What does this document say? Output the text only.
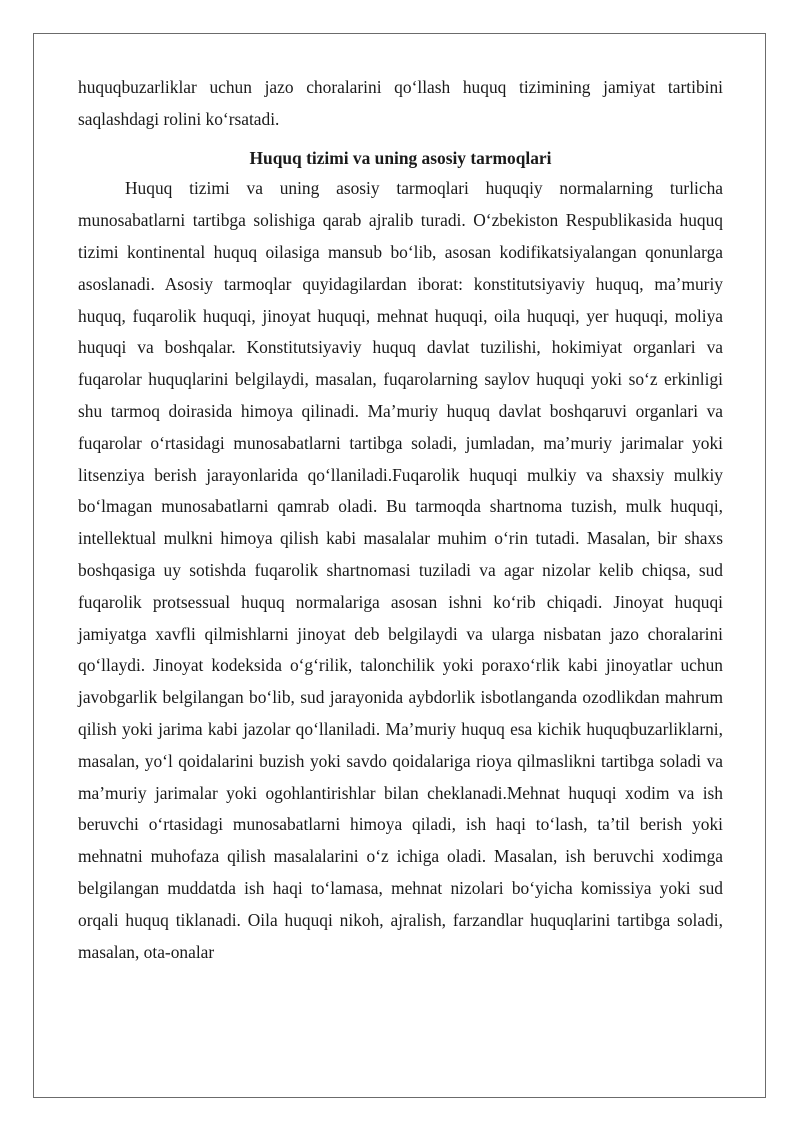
huquqbuzarliklar uchun jazo choralarini qo‘llash huquq tizimining jamiyat tartibini saqlashdagi rolini ko‘rsatadi.

Huquq tizimi va uning asosiy tarmoqlari

Huquq tizimi va uning asosiy tarmoqlari huquqiy normalarning turlicha munosabatlarni tartibga solishiga qarab ajralib turadi. O‘zbekiston Respublikasida huquq tizimi kontinental huquq oilasiga mansub bo‘lib, asosan kodifikatsiyalangan qonunlarga asoslanadi. Asosiy tarmoqlar quyidagilardan iborat: konstitutsiyaviy huquq, ma’muriy huquq, fuqarolik huquqi, jinoyat huquqi, mehnat huquqi, oila huquqi, yer huquqi, moliya huquqi va boshqalar. Konstitutsiyaviy huquq davlat tuzilishi, hokimiyat organlari va fuqarolar huquqlarini belgilaydi, masalan, fuqarolarning saylov huquqi yoki so‘z erkinligi shu tarmoq doirasida himoya qilinadi. Ma’muriy huquq davlat boshqaruvi organlari va fuqarolar o‘rtasidagi munosabatlarni tartibga soladi, jumladan, ma’muriy jarimalar yoki litsenziya berish jarayonlarida qo‘llaniladi.Fuqarolik huquqi mulkiy va shaxsiy mulkiy bo‘lmagan munosabatlarni qamrab oladi. Bu tarmoqda shartnoma tuzish, mulk huquqi, intellektual mulkni himoya qilish kabi masalalar muhim o‘rin tutadi. Masalan, bir shaxs boshqasiga uy sotishda fuqarolik shartnomasi tuziladi va agar nizolar kelib chiqsa, sud fuqarolik protsessual huquq normalariga asosan ishni ko‘rib chiqadi. Jinoyat huquqi jamiyatga xavfli qilmishlarni jinoyat deb belgilaydi va ularga nisbatan jazo choralarini qo‘llaydi. Jinoyat kodeksida o‘g‘rilik, talonchilik yoki poraxo‘rlik kabi jinoyatlar uchun javobgarlik belgilangan bo‘lib, sud jarayonida aybdorlik isbotlanganda ozodlikdan mahrum qilish yoki jarima kabi jazolar qo‘llaniladi. Ma’muriy huquq esa kichik huquqbuzarliklarni, masalan, yo‘l qoidalarini buzish yoki savdo qoidalariga rioya qilmaslikni tartibga soladi va ma’muriy jarimalar yoki ogohlantirishlar bilan cheklanadi.Mehnat huquqi xodim va ish beruvchi o‘rtasidagi munosabatlarni himoya qiladi, ish haqi to‘lash, ta’til berish yoki mehnatni muhofaza qilish masalalarini o‘z ichiga oladi. Masalan, ish beruvchi xodimga belgilangan muddatda ish haqi to‘lamasa, mehnat nizolari bo‘yicha komissiya yoki sud orqali huquq tiklanadi. Oila huquqi nikoh, ajralish, farzandlar huquqlarini tartibga soladi, masalan, ota-onalar
